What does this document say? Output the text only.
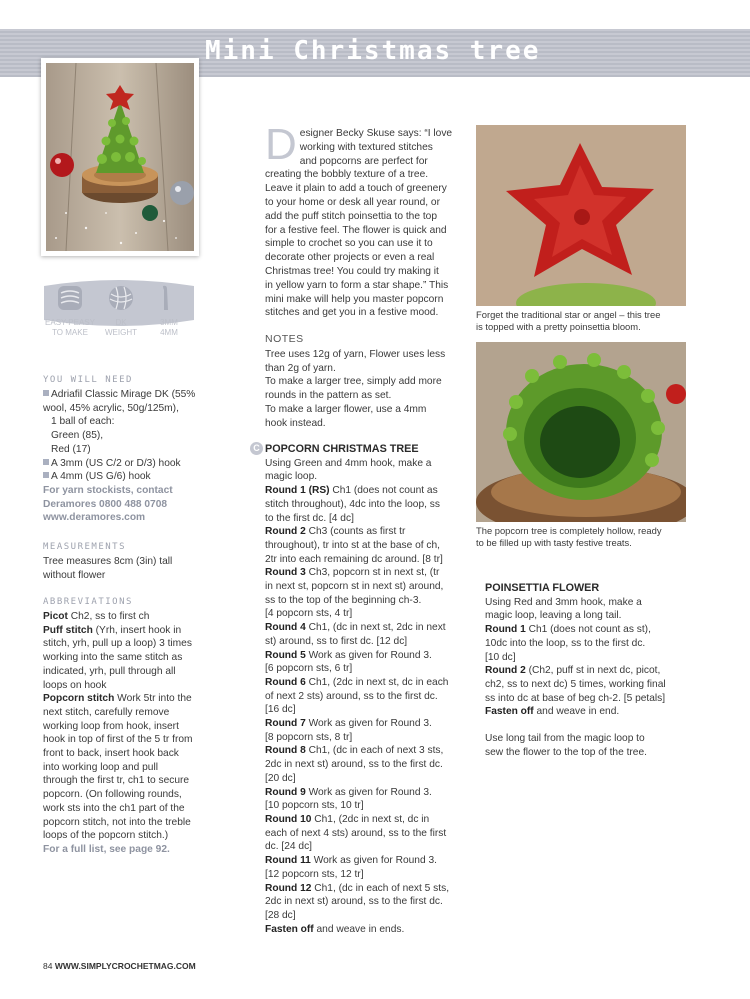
Mini Christmas tree
EASY-PEASY
TO MAKE
DK
WEIGHT
3MM
4MM
YOU WILL NEED
Adriafil Classic Mirage DK (55%
wool, 45% acrylic, 50g/125m),
1 ball of each:
Green (85),
Red (17)
A 3mm (US C/2 or D/3) hook
A 4mm (US G/6) hook
For yarn stockists, contact
Deramores 0800 488 0708
www.deramores.com
MEASUREMENTS
Tree measures 8cm (3in) tall
without flower
ABBREVIATIONS
Picot Ch2, ss to first ch
Puff stitch (Yrh, insert hook in
stitch, yrh, pull up a loop) 3 times
working into the same stitch as
indicated, yrh, pull through all
loops on hook
Popcorn stitch Work 5tr into the
next stitch, carefully remove
working loop from hook, insert
hook in top of first of the 5 tr from
front to back, insert hook back
into working loop and pull
through the first tr, ch1 to secure
popcorn. (On following rounds,
work sts into the ch1 part of the
popcorn stitch, not into the treble
loops of the popcorn stitch.)
For a full list, see page 92.
D esigner Becky Skuse says: “I love
working with textured stitches
and popcorns are perfect for
creating the bobbly texture of a tree.
Leave it plain to add a touch of greenery
to your home or desk all year round, or
add the puff stitch poinsettia to the top
for a festive feel. The flower is quick and
simple to crochet so you can use it to
decorate other projects or even a real
Christmas tree! You could try making it
in yellow yarn to form a star shape.” This
mini make will help you master popcorn
stitches and get you in a festive mood.
NOTES
Tree uses 12g of yarn, Flower uses less
than 2g of yarn.
To make a larger tree, simply add more
rounds in the pattern as set.
To make a larger flower, use a 4mm
hook instead.
C POPCORN CHRISTMAS TREE
Using Green and 4mm hook, make a
magic loop.
Round 1 (RS) Ch1 (does not count as
stitch throughout), 4dc into the loop, ss
to the first dc. [4 dc]
Round 2 Ch3 (counts as first tr
throughout), tr into st at the base of ch,
2tr into each remaining dc around. [8 tr]
Round 3 Ch3, popcorn st in next st, (tr
in next st, popcorn st in next st) around,
ss to the top of the beginning ch-3.
[4 popcorn sts, 4 tr]
Round 4 Ch1, (dc in next st, 2dc in next
st) around, ss to first dc. [12 dc]
Round 5 Work as given for Round 3.
[6 popcorn sts, 6 tr]
Round 6 Ch1, (2dc in next st, dc in each
of next 2 sts) around, ss to the first dc.
[16 dc]
Round 7 Work as given for Round 3.
[8 popcorn sts, 8 tr]
Round 8 Ch1, (dc in each of next 3 sts,
2dc in next st) around, ss to the first dc.
[20 dc]
Round 9 Work as given for Round 3.
[10 popcorn sts, 10 tr]
Round 10 Ch1, (2dc in next st, dc in
each of next 4 sts) around, ss to the first
dc. [24 dc]
Round 11 Work as given for Round 3.
[12 popcorn sts, 12 tr]
Round 12 Ch1, (dc in each of next 5 sts,
2dc in next st) around, ss to the first dc.
[28 dc]
Fasten off and weave in ends.
Forget the traditional star or angel – this tree
is topped with a pretty poinsettia bloom.
The popcorn tree is completely hollow, ready
to be filled up with tasty festive treats.
POINSETTIA FLOWER
Using Red and 3mm hook, make a
magic loop, leaving a long tail.
Round 1 Ch1 (does not count as st),
10dc into the loop, ss to the first dc.
[10 dc]
Round 2 (Ch2, puff st in next dc, picot,
ch2, ss to next dc) 5 times, working final
ss into dc at base of beg ch-2. [5 petals]
Fasten off and weave in end.
Use long tail from the magic loop to
sew the flower to the top of the tree.
84 WWW.SIMPLYCROCHETMAG.COM
